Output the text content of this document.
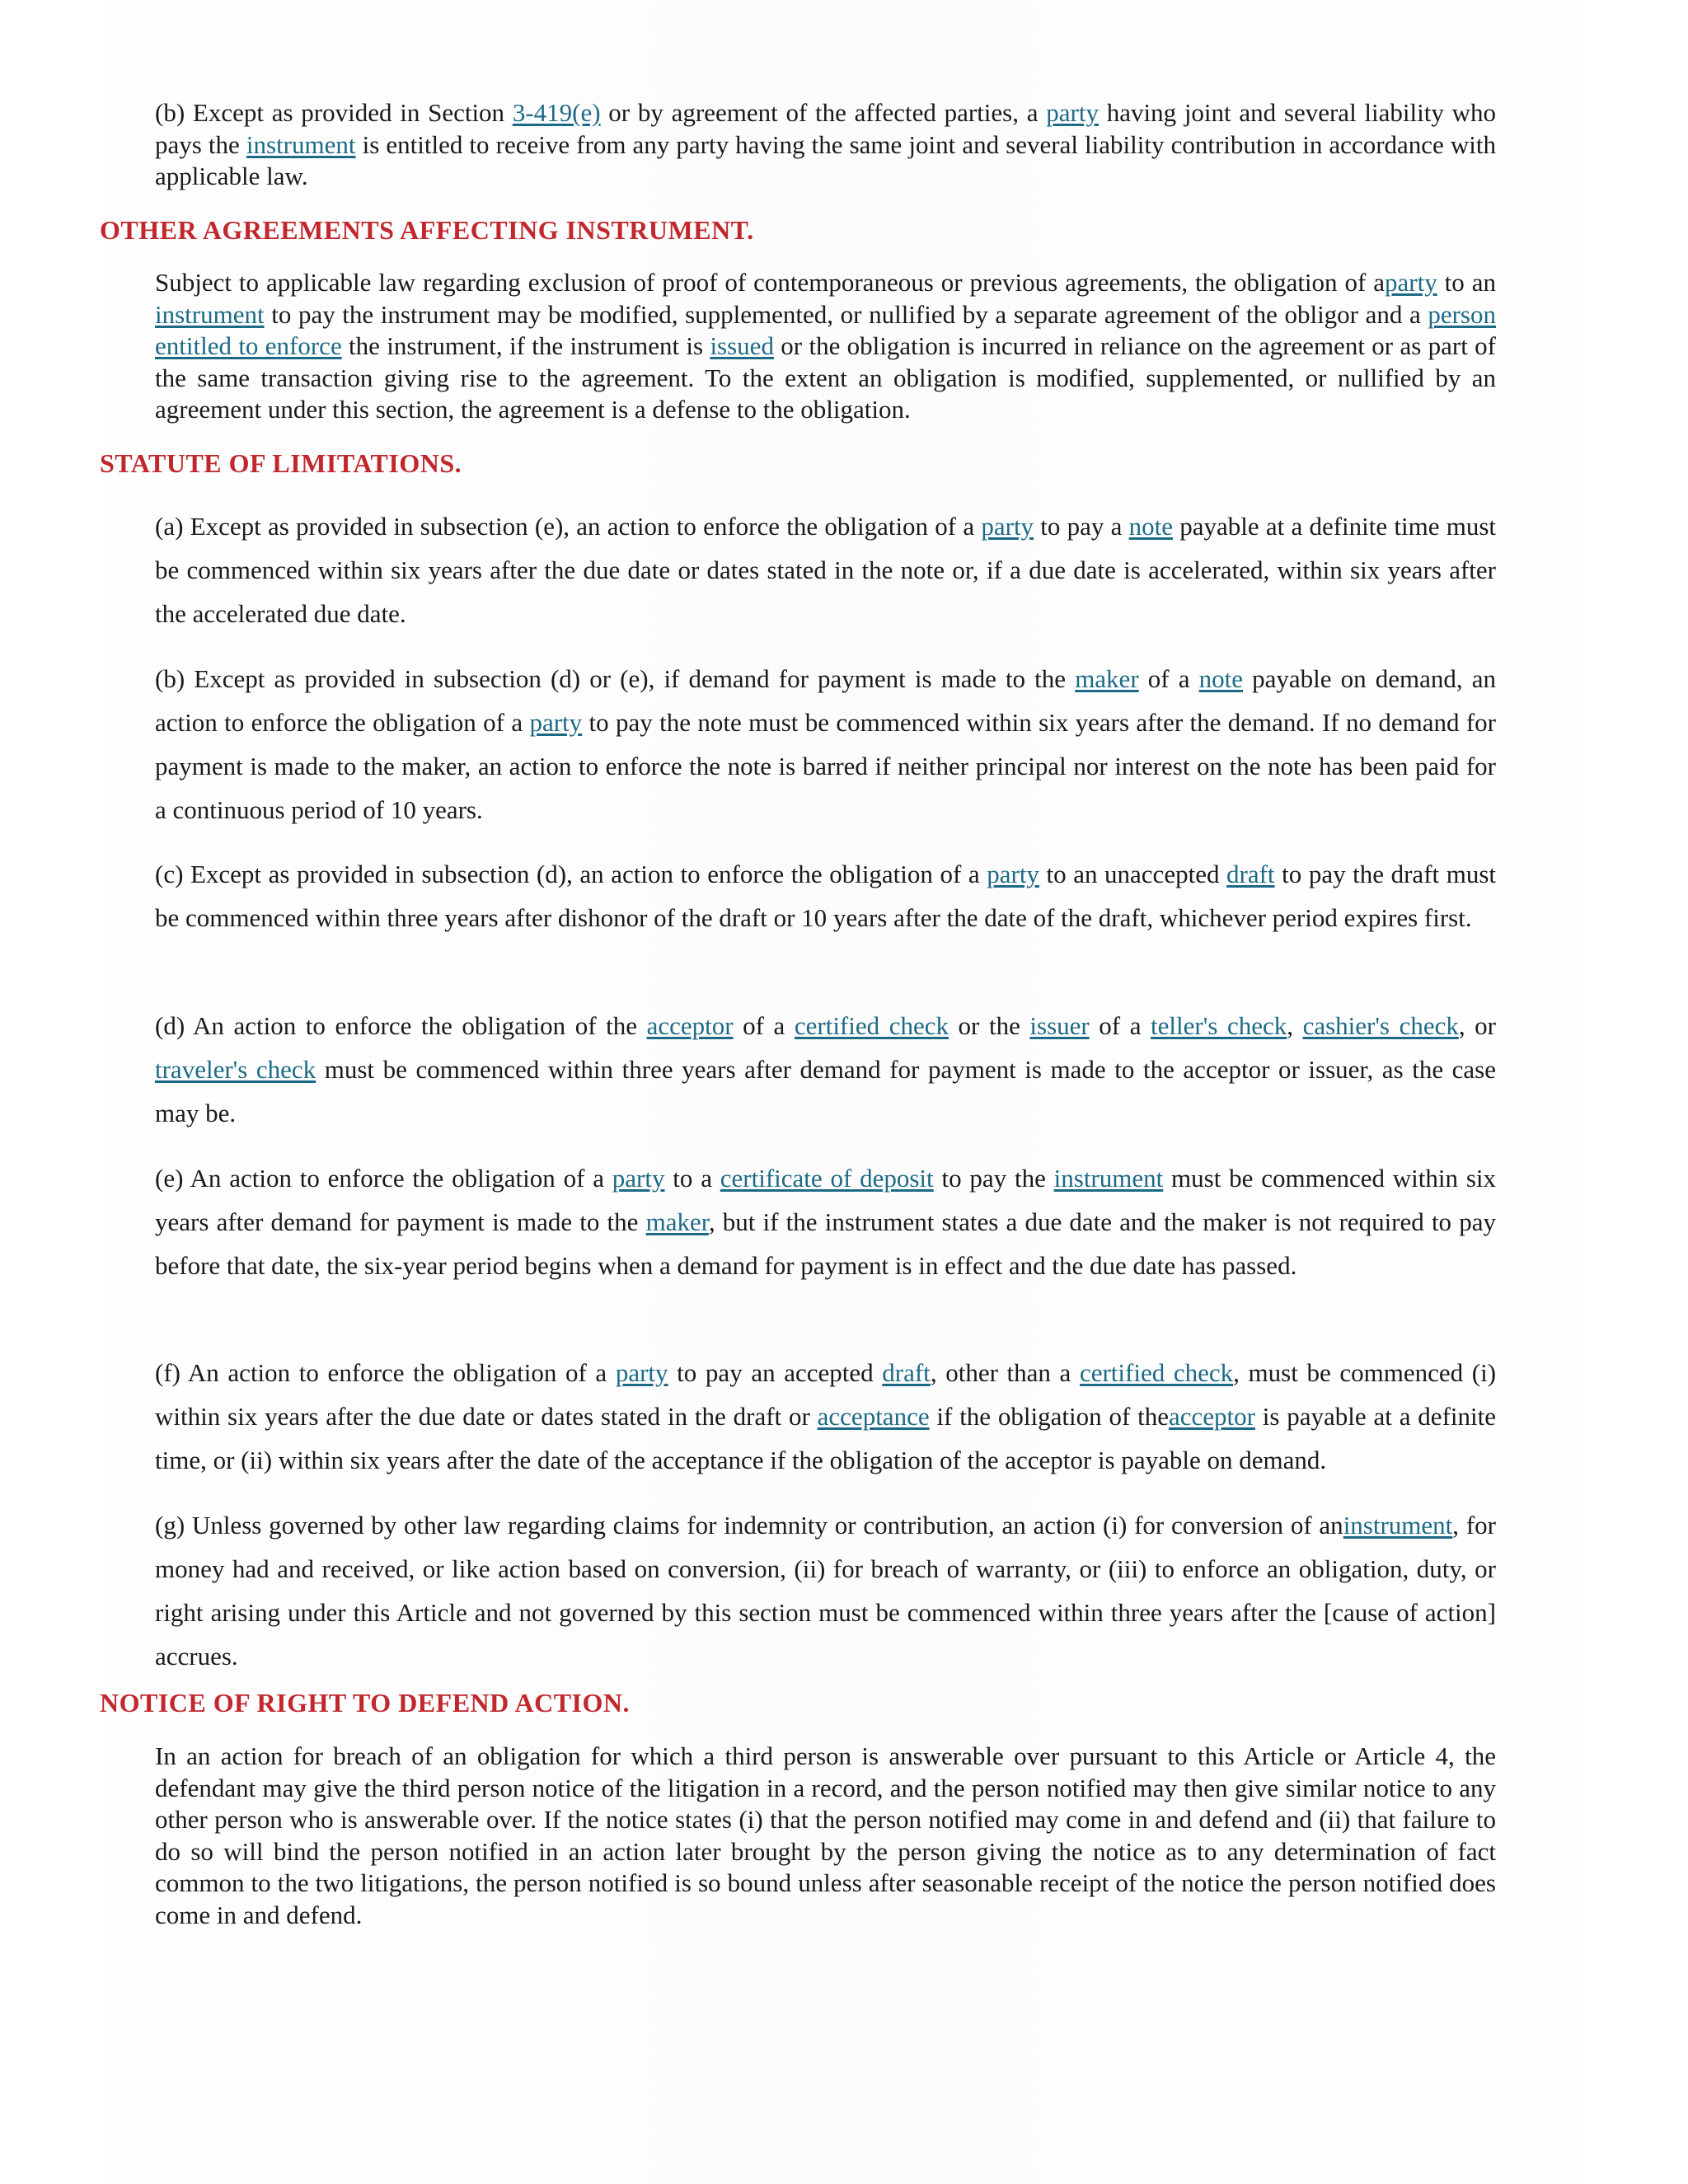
(b) Except as provided in Section 3-419(e) or by agreement of the affected parties, a party having joint and several liability who pays the instrument is entitled to receive from any party having the same joint and several liability contribution in accordance with applicable law.

OTHER AGREEMENTS AFFECTING INSTRUMENT.

Subject to applicable law regarding exclusion of proof of contemporaneous or previous agreements, the obligation of aparty to an instrument to pay the instrument may be modified, supplemented, or nullified by a separate agreement of the obligor and a person entitled to enforce the instrument, if the instrument is issued or the obligation is incurred in reliance on the agreement or as part of the same transaction giving rise to the agreement. To the extent an obligation is modified, supplemented, or nullified by an agreement under this section, the agreement is a defense to the obligation.

STATUTE OF LIMITATIONS.

(a) Except as provided in subsection (e), an action to enforce the obligation of a party to pay a note payable at a definite time must be commenced within six years after the due date or dates stated in the note or, if a due date is accelerated, within six years after the accelerated due date.

(b) Except as provided in subsection (d) or (e), if demand for payment is made to the maker of a note payable on demand, an action to enforce the obligation of a party to pay the note must be commenced within six years after the demand. If no demand for payment is made to the maker, an action to enforce the note is barred if neither principal nor interest on the note has been paid for a continuous period of 10 years.

(c) Except as provided in subsection (d), an action to enforce the obligation of a party to an unaccepted draft to pay the draft must be commenced within three years after dishonor of the draft or 10 years after the date of the draft, whichever period expires first.

(d) An action to enforce the obligation of the acceptor of a certified check or the issuer of a teller's check, cashier's check, or traveler's check must be commenced within three years after demand for payment is made to the acceptor or issuer, as the case may be.

(e) An action to enforce the obligation of a party to a certificate of deposit to pay the instrument must be commenced within six years after demand for payment is made to the maker, but if the instrument states a due date and the maker is not required to pay before that date, the six-year period begins when a demand for payment is in effect and the due date has passed.

(f) An action to enforce the obligation of a party to pay an accepted draft, other than a certified check, must be commenced (i) within six years after the due date or dates stated in the draft or acceptance if the obligation of theacceptor is payable at a definite time, or (ii) within six years after the date of the acceptance if the obligation of the acceptor is payable on demand.

(g) Unless governed by other law regarding claims for indemnity or contribution, an action (i) for conversion of aninstrument, for money had and received, or like action based on conversion, (ii) for breach of warranty, or (iii) to enforce an obligation, duty, or right arising under this Article and not governed by this section must be commenced within three years after the [cause of action] accrues.

NOTICE OF RIGHT TO DEFEND ACTION.

In an action for breach of an obligation for which a third person is answerable over pursuant to this Article or Article 4, the defendant may give the third person notice of the litigation in a record, and the person notified may then give similar notice to any other person who is answerable over. If the notice states (i) that the person notified may come in and defend and (ii) that failure to do so will bind the person notified in an action later brought by the person giving the notice as to any determination of fact common to the two litigations, the person notified is so bound unless after seasonable receipt of the notice the person notified does come in and defend.
